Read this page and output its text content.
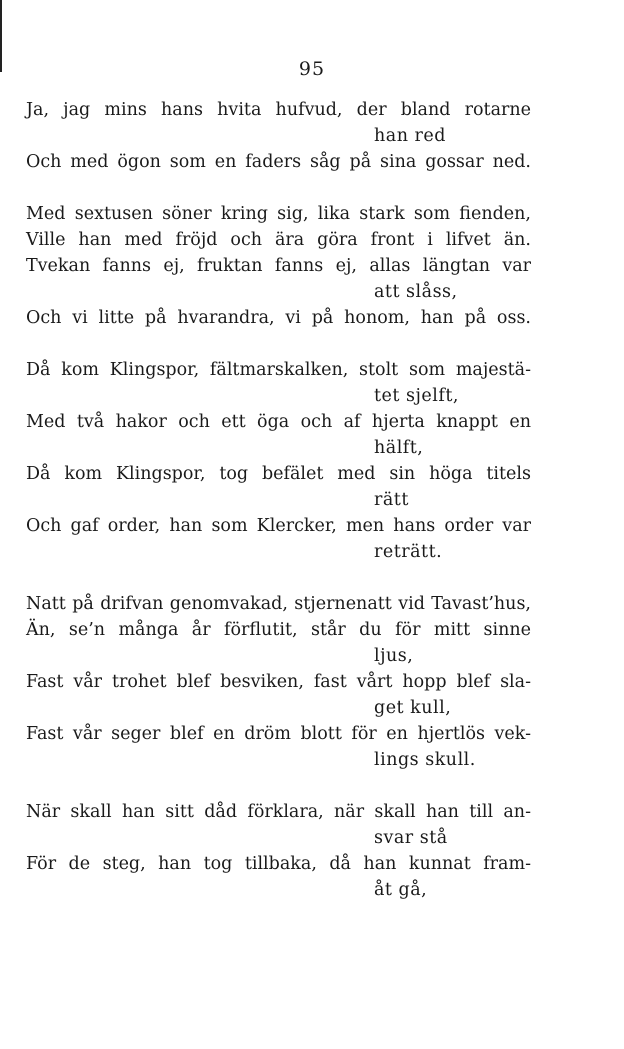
95
Ja, jag mins hans hvita hufvud, der bland rotarne
han red
Och med ögon som en faders såg på sina gossar ned.
Med sextusen söner kring sig, lika stark som fienden,
Ville han med fröjd och ära göra front i lifvet än.
Tvekan fanns ej, fruktan fanns ej, allas längtan var
att slåss,
Och vi litte på hvarandra, vi på honom, han på oss.
Då kom Klingspor, fältmarskalken, stolt som majestä-
tet sjelft,
Med två hakor och ett öga och af hjerta knappt en
hälft,
Då kom Klingspor, tog befälet med sin höga titels
rätt
Och gaf order, han som Klercker, men hans order var
reträtt.
Natt på drifvan genomvakad, stjernenatt vid Tavast’hus,
Än, se’n många år förflutit, står du för mitt sinne
ljus,
Fast vår trohet blef besviken, fast vårt hopp blef sla-
get kull,
Fast vår seger blef en dröm blott för en hjertlös vek-
lings skull.
När skall han sitt dåd förklara, när skall han till an-
svar stå
För de steg, han tog tillbaka, då han kunnat fram-
åt gå,
